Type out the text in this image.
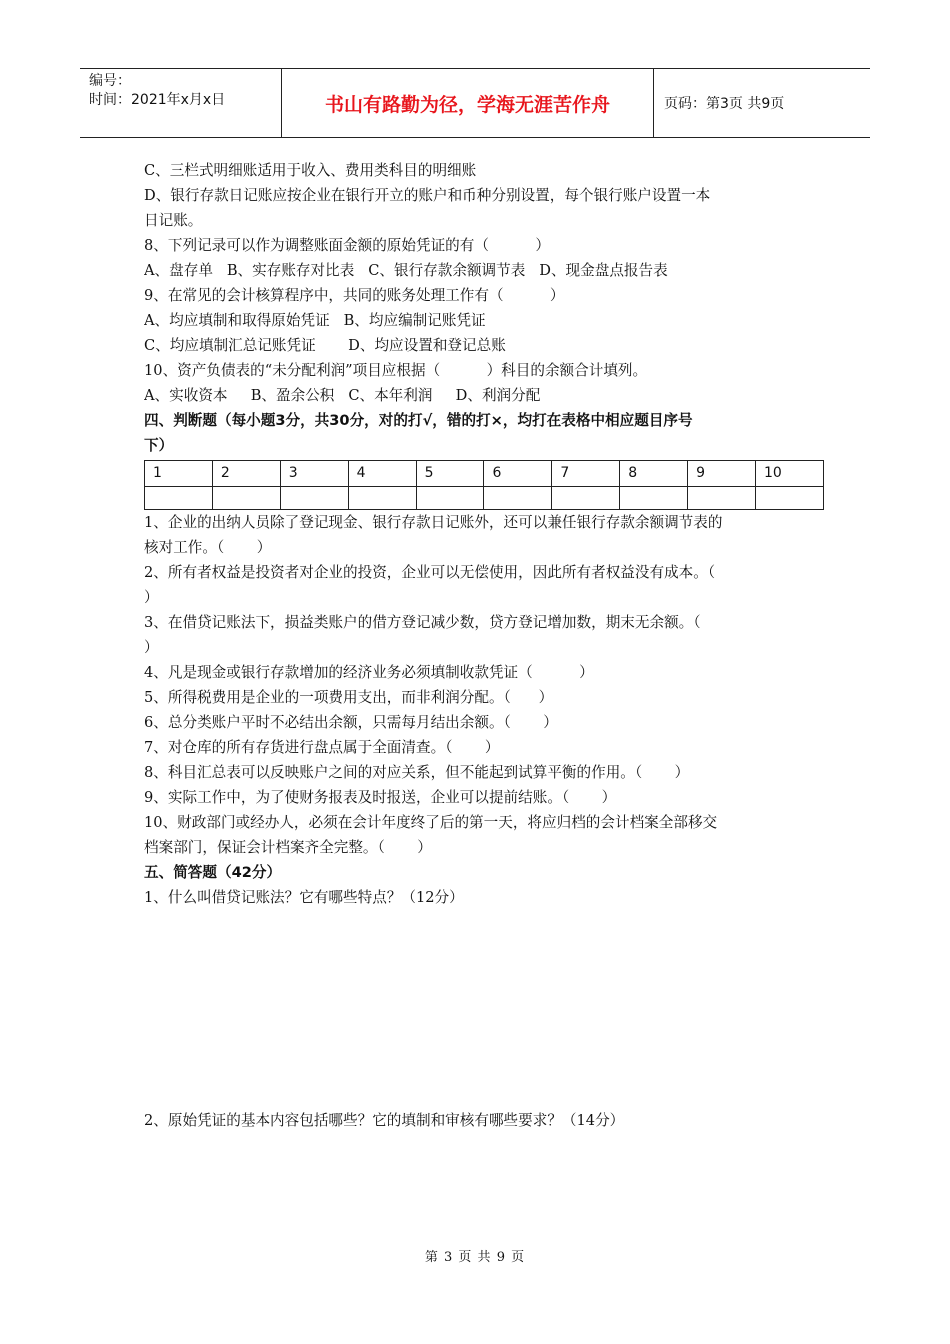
编号：
时间：2021年x月x日	书山有路勤为径，学海无涯苦作舟	页码：第3页 共9页
C、三栏式明细账适用于收入、费用类科目的明细账
D、银行存款日记账应按企业在银行开立的账户和币种分别设置，每个银行账户设置一本
日记账。
8、下列记录可以作为调整账面金额的原始凭证的有（          ）
A、盘存单   B、实存账存对比表   C、银行存款余额调节表   D、现金盘点报告表
9、在常见的会计核算程序中，共同的账务处理工作有（          ）
A、均应填制和取得原始凭证   B、均应编制记账凭证
C、均应填制汇总记账凭证       D、均应设置和登记总账
10、资产负债表的“未分配利润”项目应根据（          ）科目的余额合计填列。
A、实收资本     B、盈余公积   C、本年利润     D、利润分配
四、判断题（每小题3分，共30分，对的打√，错的打×，均打在表格中相应题目序号
下）
1	2	3	4	5	6	7	8	9	10

1、企业的出纳人员除了登记现金、银行存款日记账外，还可以兼任银行存款余额调节表的
核对工作。（       ）
2、所有者权益是投资者对企业的投资，企业可以无偿使用，因此所有者权益没有成本。（
）
3、在借贷记账法下，损益类账户的借方登记减少数，贷方登记增加数，期末无余额。（
）
4、凡是现金或银行存款增加的经济业务必须填制收款凭证（          ）
5、所得税费用是企业的一项费用支出，而非利润分配。（      ）
6、总分类账户平时不必结出余额，只需每月结出余额。（       ）
7、对仓库的所有存货进行盘点属于全面清查。（       ）
8、科目汇总表可以反映账户之间的对应关系，但不能起到试算平衡的作用。（       ）
9、实际工作中，为了使财务报表及时报送，企业可以提前结账。（       ）
10、财政部门或经办人，必须在会计年度终了后的第一天，将应归档的会计档案全部移交
档案部门，保证会计档案齐全完整。（       ）
五、简答题（42分）
1、什么叫借贷记账法？它有哪些特点？（12分）
2、原始凭证的基本内容包括哪些？它的填制和审核有哪些要求？（14分）
第 3 页 共 9 页
